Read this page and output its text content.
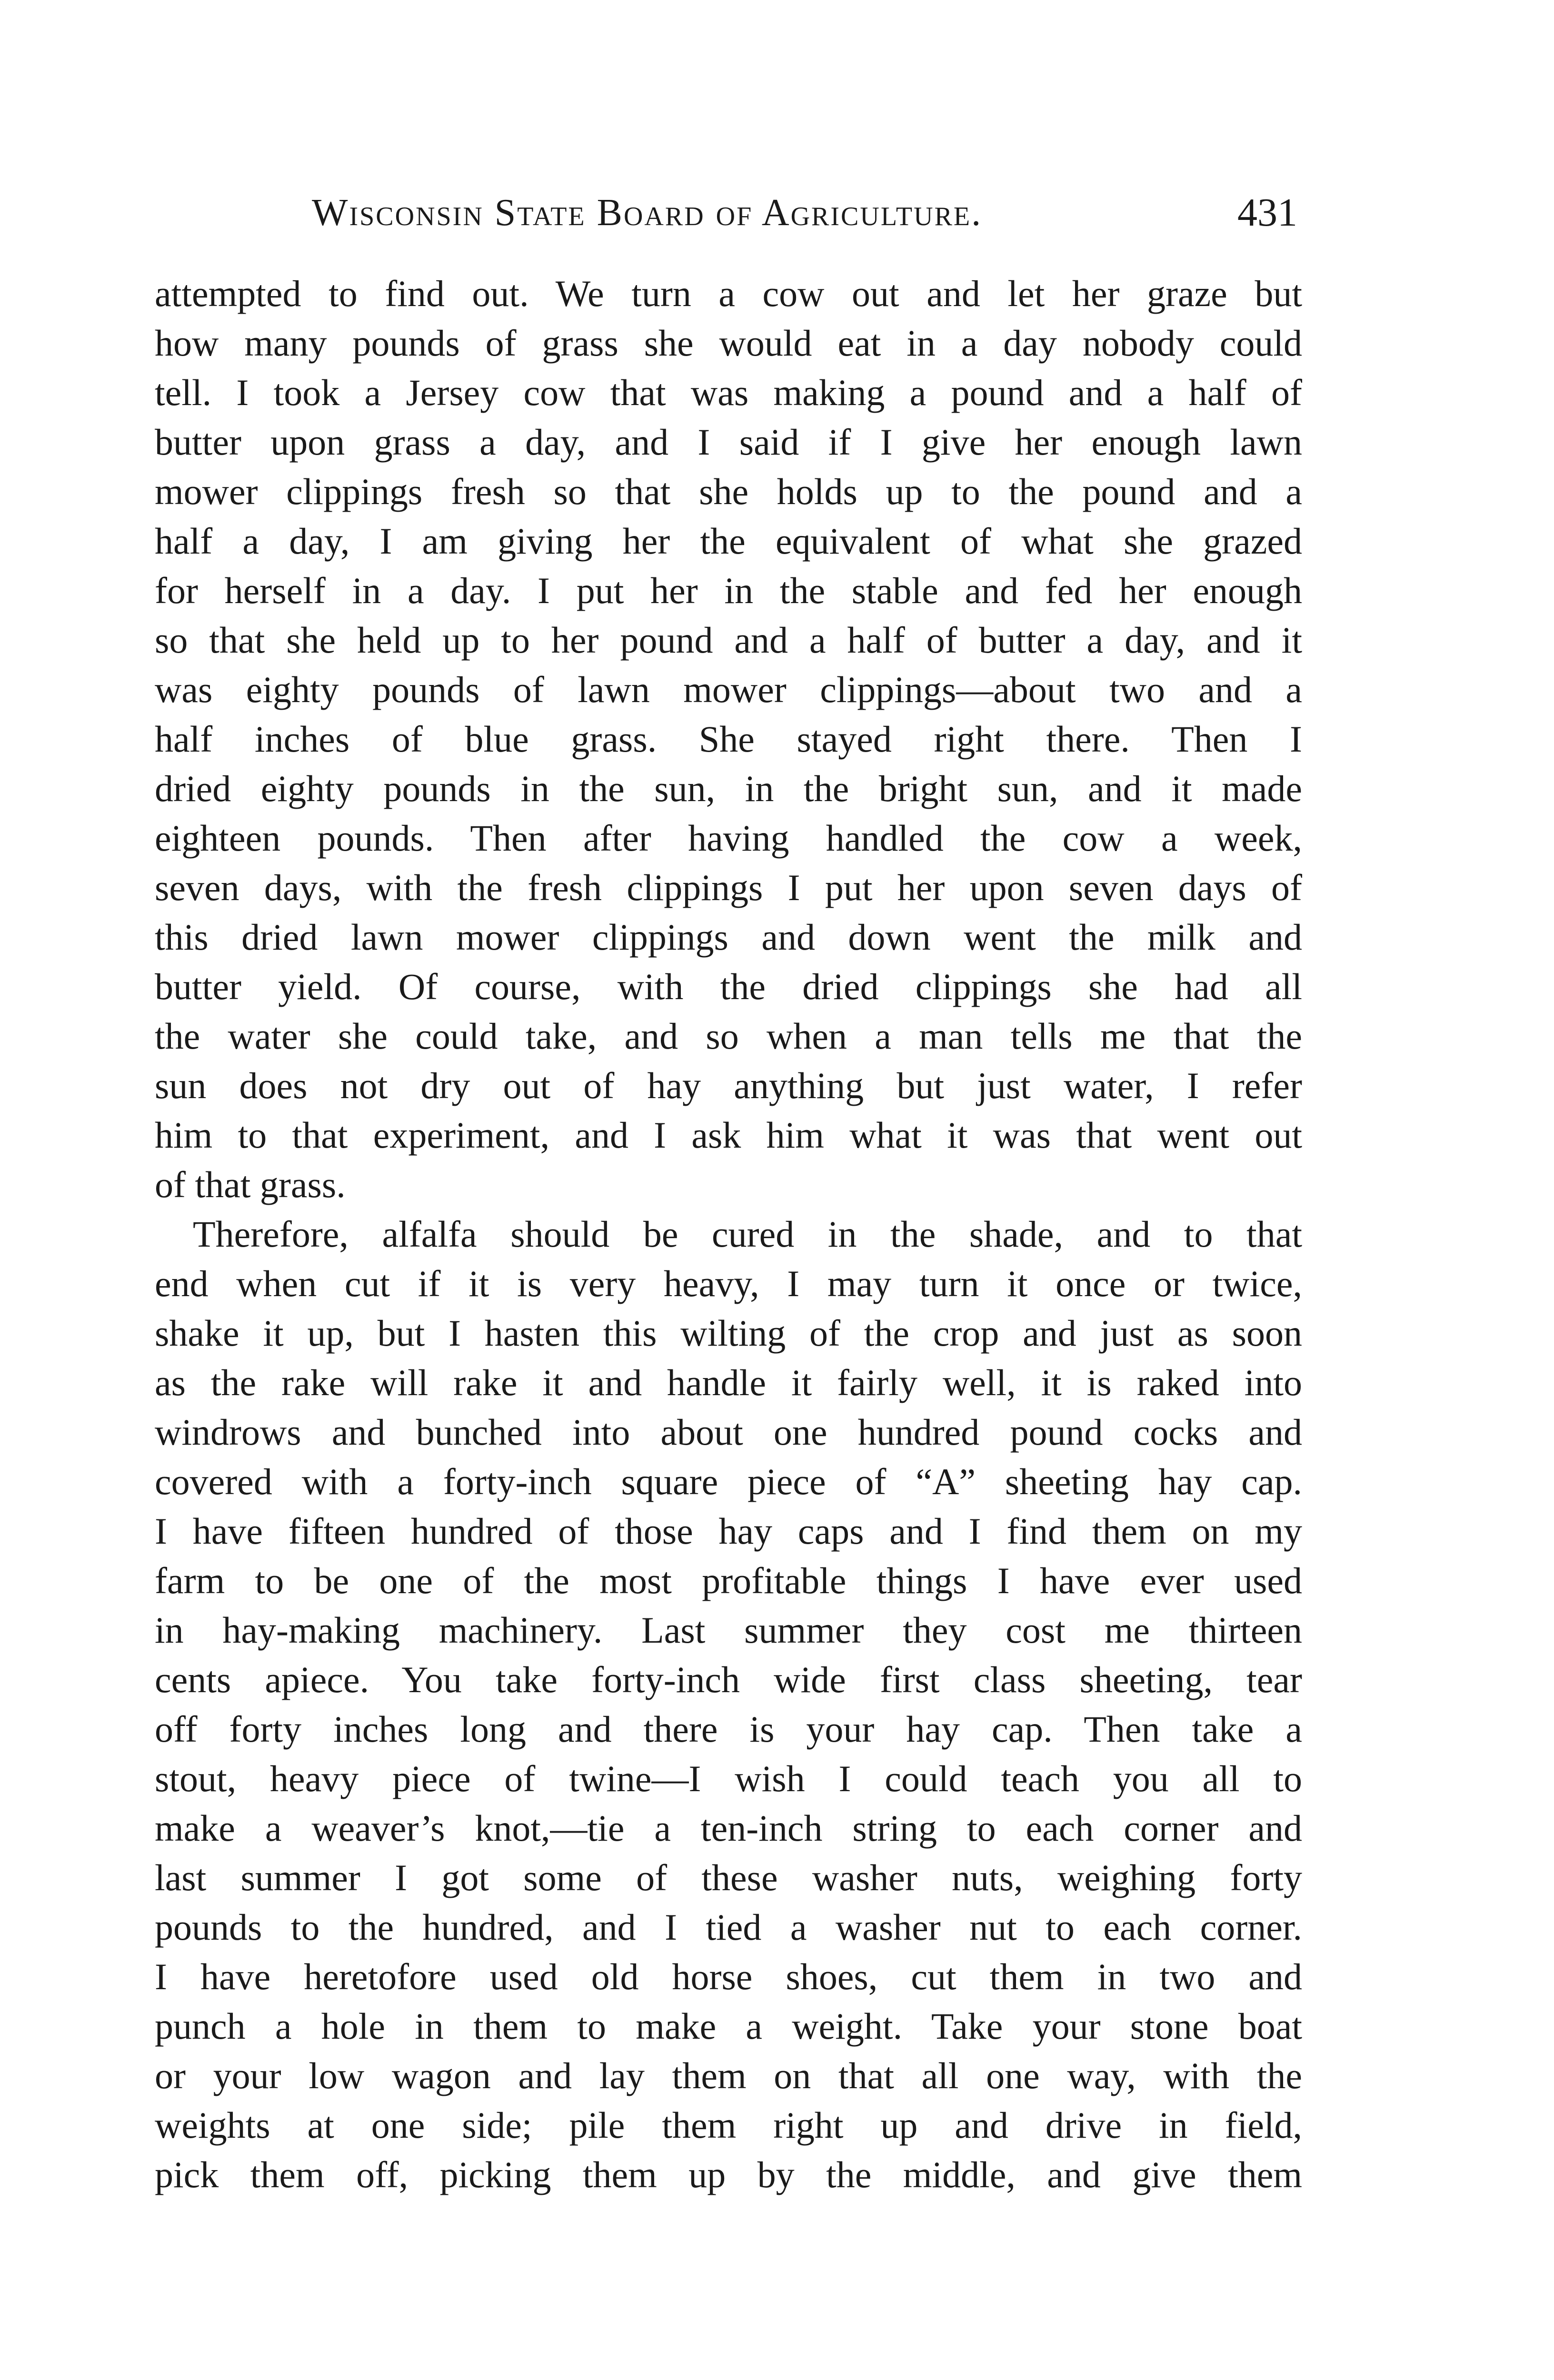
Wisconsin State Board of Agriculture.	431
attempted to find out. We turn a cow out and let her graze but
how many pounds of grass she would eat in a day nobody could
tell. I took a Jersey cow that was making a pound and a half of
butter upon grass a day, and I said if I give her enough lawn
mower clippings fresh so that she holds up to the pound and a
half a day, I am giving her the equivalent of what she grazed
for herself in a day. I put her in the stable and fed her enough
so that she held up to her pound and a half of butter a day, and it
was eighty pounds of lawn mower clippings—about two and a
half inches of blue grass. She stayed right there. Then I
dried eighty pounds in the sun, in the bright sun, and it made
eighteen pounds. Then after having handled the cow a week,
seven days, with the fresh clippings I put her upon seven days of
this dried lawn mower clippings and down went the milk and
butter yield. Of course, with the dried clippings she had all
the water she could take, and so when a man tells me that the
sun does not dry out of hay anything but just water, I refer
him to that experiment, and I ask him what it was that went out
of that grass.
Therefore, alfalfa should be cured in the shade, and to that
end when cut if it is very heavy, I may turn it once or twice,
shake it up, but I hasten this wilting of the crop and just as soon
as the rake will rake it and handle it fairly well, it is raked into
windrows and bunched into about one hundred pound cocks and
covered with a forty-inch square piece of “A” sheeting hay cap.
I have fifteen hundred of those hay caps and I find them on my
farm to be one of the most profitable things I have ever used
in hay-making machinery. Last summer they cost me thirteen
cents apiece. You take forty-inch wide first class sheeting, tear
off forty inches long and there is your hay cap. Then take a
stout, heavy piece of twine—I wish I could teach you all to
make a weaver’s knot,—tie a ten-inch string to each corner and
last summer I got some of these washer nuts, weighing forty
pounds to the hundred, and I tied a washer nut to each corner.
I have heretofore used old horse shoes, cut them in two and
punch a hole in them to make a weight. Take your stone boat
or your low wagon and lay them on that all one way, with the
weights at one side; pile them right up and drive in field,
pick them off, picking them up by the middle, and give them
